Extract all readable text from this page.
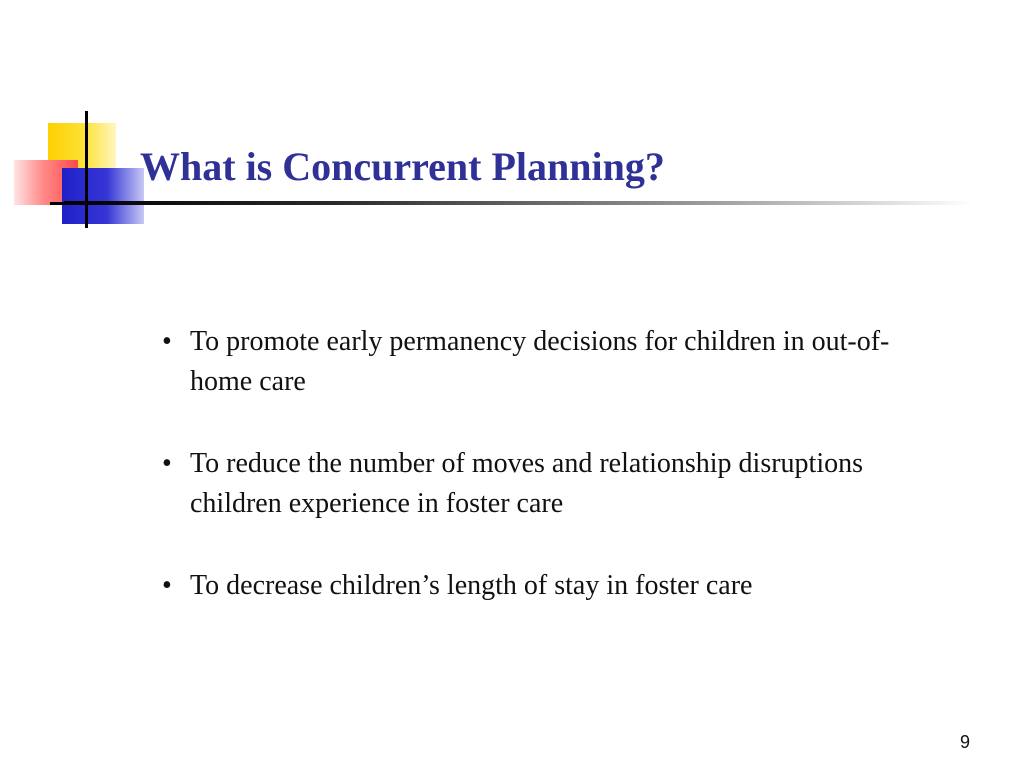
What is Concurrent Planning?
• To promote early permanency decisions for children in out-of-home care
• To reduce the number of moves and relationship disruptions children experience in foster care
• To decrease children’s length of stay in foster care
9
